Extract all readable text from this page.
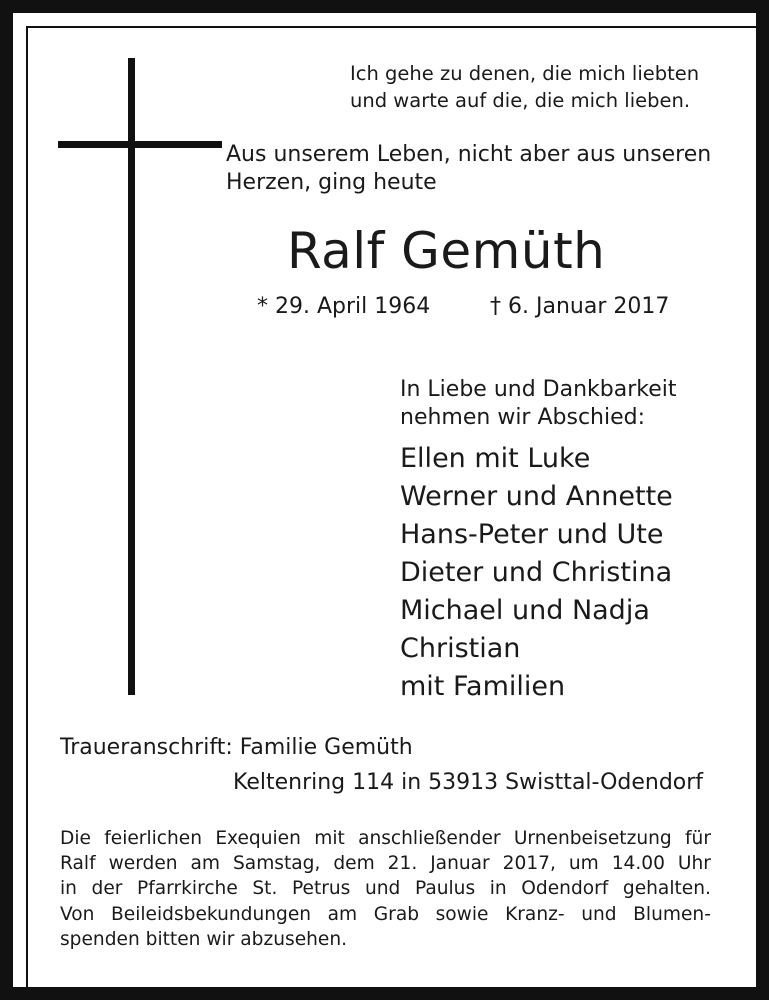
Ich gehe zu denen, die mich liebten
und warte auf die, die mich lieben.
Aus unserem Leben, nicht aber aus unseren
Herzen, ging heute
Ralf Gemüth
* 29. April 1964	† 6. Januar 2017
In Liebe und Dankbarkeit
nehmen wir Abschied:
Ellen mit Luke
Werner und Annette
Hans-Peter und Ute
Dieter und Christina
Michael und Nadja
Christian
mit Familien
Traueranschrift: Familie Gemüth
Keltenring 114 in 53913 Swisttal-Odendorf
Die feierlichen Exequien mit anschließender Urnenbeisetzung für
Ralf werden am Samstag, dem 21. Januar 2017, um 14.00 Uhr
in der Pfarrkirche St. Petrus und Paulus in Odendorf gehalten.
Von Beileidsbekundungen am Grab sowie Kranz- und Blumen-
spenden bitten wir abzusehen.
